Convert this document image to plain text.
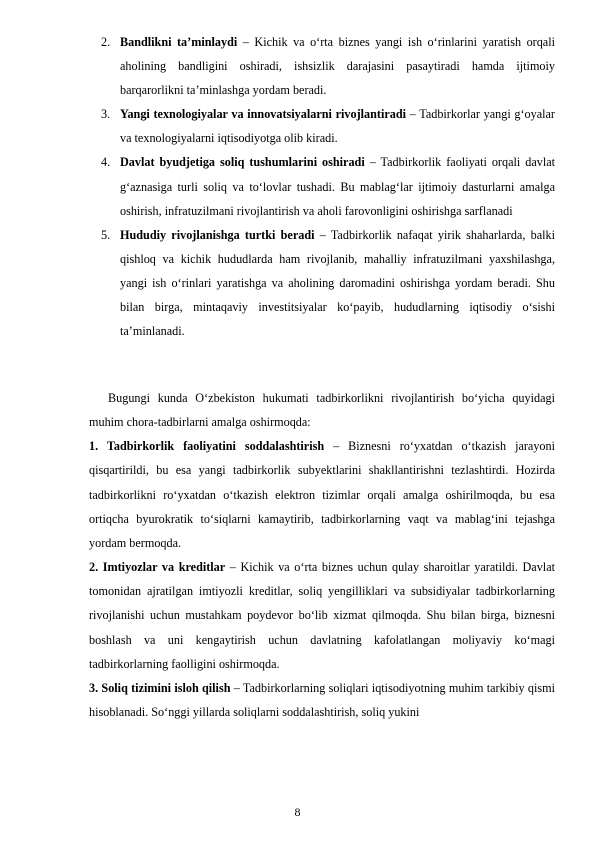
2. Bandlikni ta’minlaydi – Kichik va o‘rta biznes yangi ish o‘rinlarini yaratish orqali aholining bandligini oshiradi, ishsizlik darajasini pasaytiradi hamda ijtimoiy barqarorlikni ta’minlashga yordam beradi.
3. Yangi texnologiyalar va innovatsiyalarni rivojlantiradi – Tadbirkorlar yangi g‘oyalar va texnologiyalarni iqtisodiyotga olib kiradi.
4. Davlat byudjetiga soliq tushumlarini oshiradi – Tadbirkorlik faoliyati orqali davlat g‘aznasiga turli soliq va to‘lovlar tushadi. Bu mablag‘lar ijtimoiy dasturlarni amalga oshirish, infratuzilmani rivojlantirish va aholi farovonligini oshirishga sarflanadi
5. Hududiy rivojlanishga turtki beradi – Tadbirkorlik nafaqat yirik shaharlarda, balki qishloq va kichik hududlarda ham rivojlanib, mahalliy infratuzilmani yaxshilashga, yangi ish o‘rinlari yaratishga va aholining daromadini oshirishga yordam beradi. Shu bilan birga, mintaqaviy investitsiyalar ko‘payib, hududlarning iqtisodiy o‘sishi ta’minlanadi.

Bugungi kunda O‘zbekiston hukumati tadbirkorlikni rivojlantirish bo‘yicha quyidagi muhim chora-tadbirlarni amalga oshirmoqda:

1. Tadbirkorlik faoliyatini soddalashtirish – Biznesni ro‘yxatdan o‘tkazish jarayoni qisqartirildi, bu esa yangi tadbirkorlik subyektlarini shakllantirishni tezlashtirdi. Hozirda tadbirkorlikni ro‘yxatdan o‘tkazish elektron tizimlar orqali amalga oshirilmoqda, bu esa ortiqcha byurokratik to‘siqlarni kamaytirib, tadbirkorlarning vaqt va mablag‘ini tejashga yordam bermoqda.

2. Imtiyozlar va kreditlar – Kichik va o‘rta biznes uchun qulay sharoitlar yaratildi. Davlat tomonidan ajratilgan imtiyozli kreditlar, soliq yengilliklari va subsidiyalar tadbirkorlarning rivojlanishi uchun mustahkam poydevor bo‘lib xizmat qilmoqda. Shu bilan birga, biznesni boshlash va uni kengaytirish uchun davlatning kafolatlangan moliyaviy ko‘magi tadbirkorlarning faolligini oshirmoqda.

3. Soliq tizimini isloh qilish – Tadbirkorlarning soliqlari iqtisodiyotning muhim tarkibiy qismi hisoblanadi. So‘nggi yillarda soliqlarni soddalashtirish, soliq yukini

8
